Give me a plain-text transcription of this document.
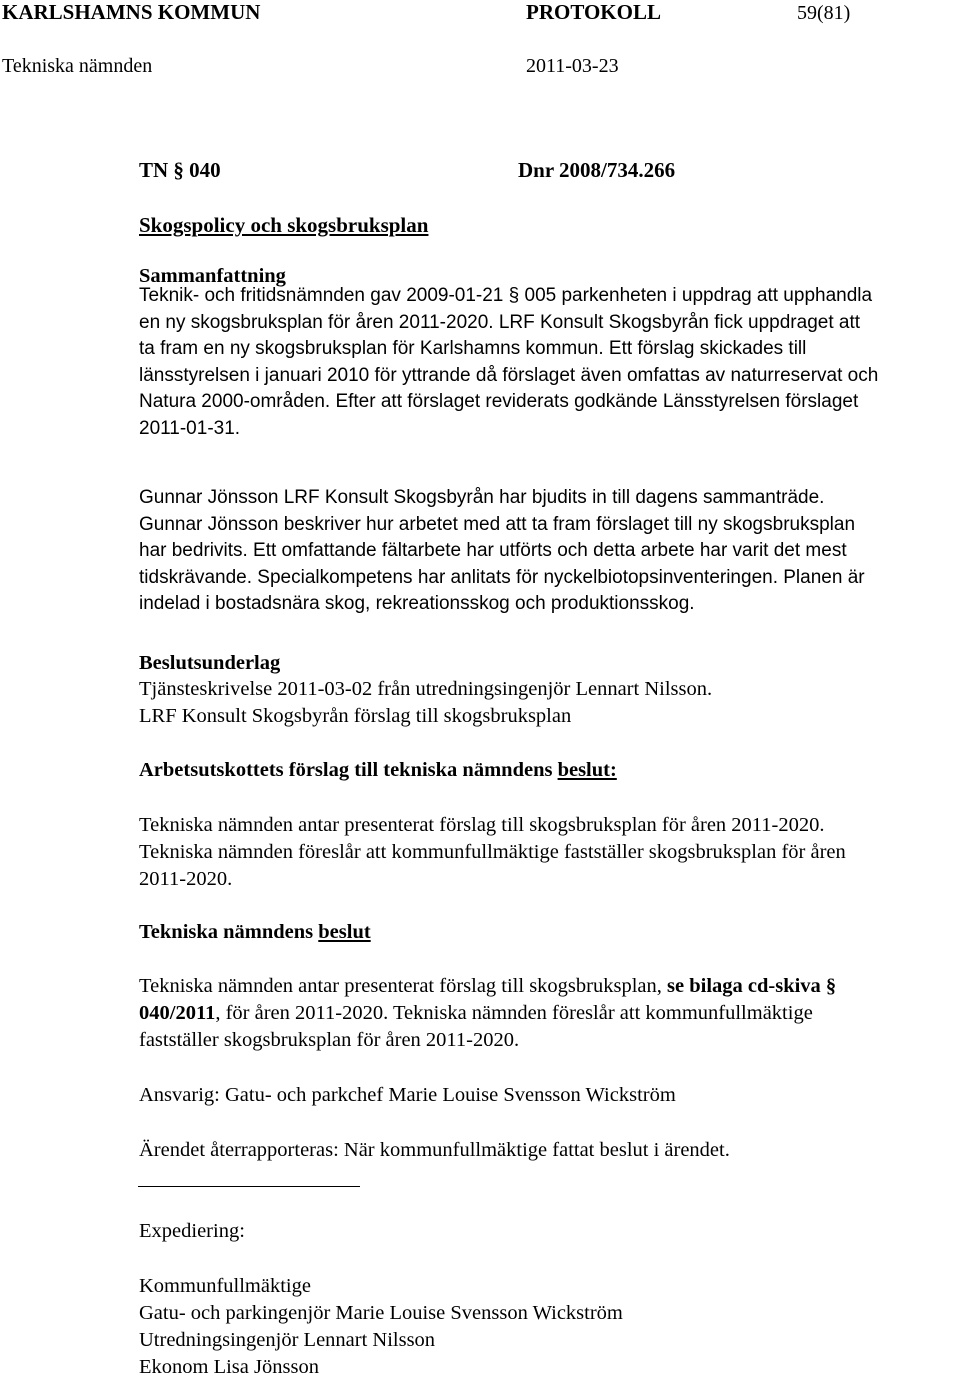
KARLSHAMNS KOMMUN	PROTOKOLL	59(81)
Tekniska nämnden	2011-03-23
TN § 040	Dnr 2008/734.266
Skogspolicy och skogsbruksplan
Sammanfattning
Teknik- och fritidsnämnden gav 2009-01-21 § 005 parkenheten i uppdrag att upphandla
en ny skogsbruksplan för åren 2011-2020. LRF Konsult Skogsbyrån fick uppdraget att
ta fram en ny skogsbruksplan för Karlshamns kommun. Ett förslag skickades till
länsstyrelsen i januari 2010 för yttrande då förslaget även omfattas av naturreservat och
Natura 2000-områden. Efter att förslaget reviderats godkände Länsstyrelsen förslaget
2011-01-31.
Gunnar Jönsson LRF Konsult Skogsbyrån har bjudits in till dagens sammanträde.
Gunnar Jönsson beskriver hur arbetet med att ta fram förslaget till ny skogsbruksplan
har bedrivits. Ett omfattande fältarbete har utförts och detta arbete har varit det mest
tidskrävande. Specialkompetens har anlitats för nyckelbiotopsinventeringen. Planen är
indelad i bostadsnära skog, rekreationsskog och produktionsskog.
Beslutsunderlag
Tjänsteskrivelse 2011-03-02 från utredningsingenjör Lennart Nilsson.
LRF Konsult Skogsbyrån förslag till skogsbruksplan
Arbetsutskottets förslag till tekniska nämndens beslut:
Tekniska nämnden antar presenterat förslag till skogsbruksplan för åren 2011-2020.
Tekniska nämnden föreslår att kommunfullmäktige fastställer skogsbruksplan för åren
2011-2020.
Tekniska nämndens beslut
Tekniska nämnden antar presenterat förslag till skogsbruksplan, se bilaga cd-skiva §
040/2011, för åren 2011-2020. Tekniska nämnden föreslår att kommunfullmäktige
fastställer skogsbruksplan för åren 2011-2020.
Ansvarig: Gatu- och parkchef Marie Louise Svensson Wickström
Ärendet återrapporteras: När kommunfullmäktige fattat beslut i ärendet.
Expediering:
Kommunfullmäktige
Gatu- och parkingenjör Marie Louise Svensson Wickström
Utredningsingenjör Lennart Nilsson
Ekonom Lisa Jönsson
